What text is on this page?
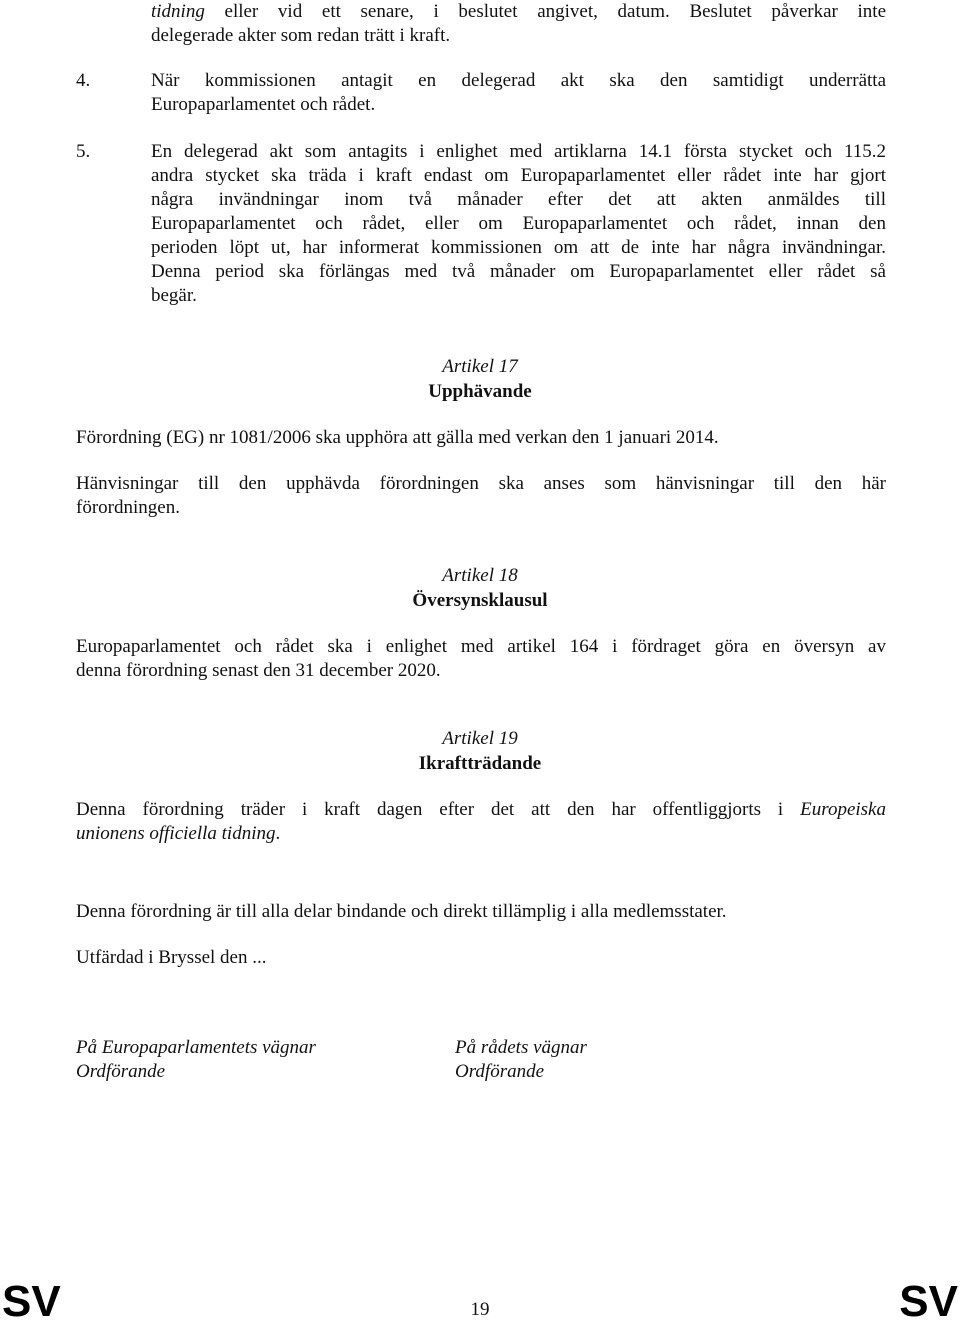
tidning eller vid ett senare, i beslutet angivet, datum. Beslutet påverkar inte
delegerade akter som redan trätt i kraft.
4.	När kommissionen antagit en delegerad akt ska den samtidigt underrätta
Europaparlamentet och rådet.
5.	En delegerad akt som antagits i enlighet med artiklarna 14.1 första stycket och 115.2
andra stycket ska träda i kraft endast om Europaparlamentet eller rådet inte har gjort
några invändningar inom två månader efter det att akten anmäldes till
Europaparlamentet och rådet, eller om Europaparlamentet och rådet, innan den
perioden löpt ut, har informerat kommissionen om att de inte har några invändningar.
Denna period ska förlängas med två månader om Europaparlamentet eller rådet så
begär.
Artikel 17
Upphävande
Förordning (EG) nr 1081/2006 ska upphöra att gälla med verkan den 1 januari 2014.
Hänvisningar till den upphävda förordningen ska anses som hänvisningar till den här
förordningen.
Artikel 18
Översynsklausul
Europaparlamentet och rådet ska i enlighet med artikel 164 i fördraget göra en översyn av
denna förordning senast den 31 december 2020.
Artikel 19
Ikraftträdande
Denna förordning träder i kraft dagen efter det att den har offentliggjorts i Europeiska
unionens officiella tidning.
Denna förordning är till alla delar bindande och direkt tillämplig i alla medlemsstater.
Utfärdad i Bryssel den ...
På Europaparlamentets vägnar
Ordförande
På rådets vägnar
Ordförande
SV	19	SV
